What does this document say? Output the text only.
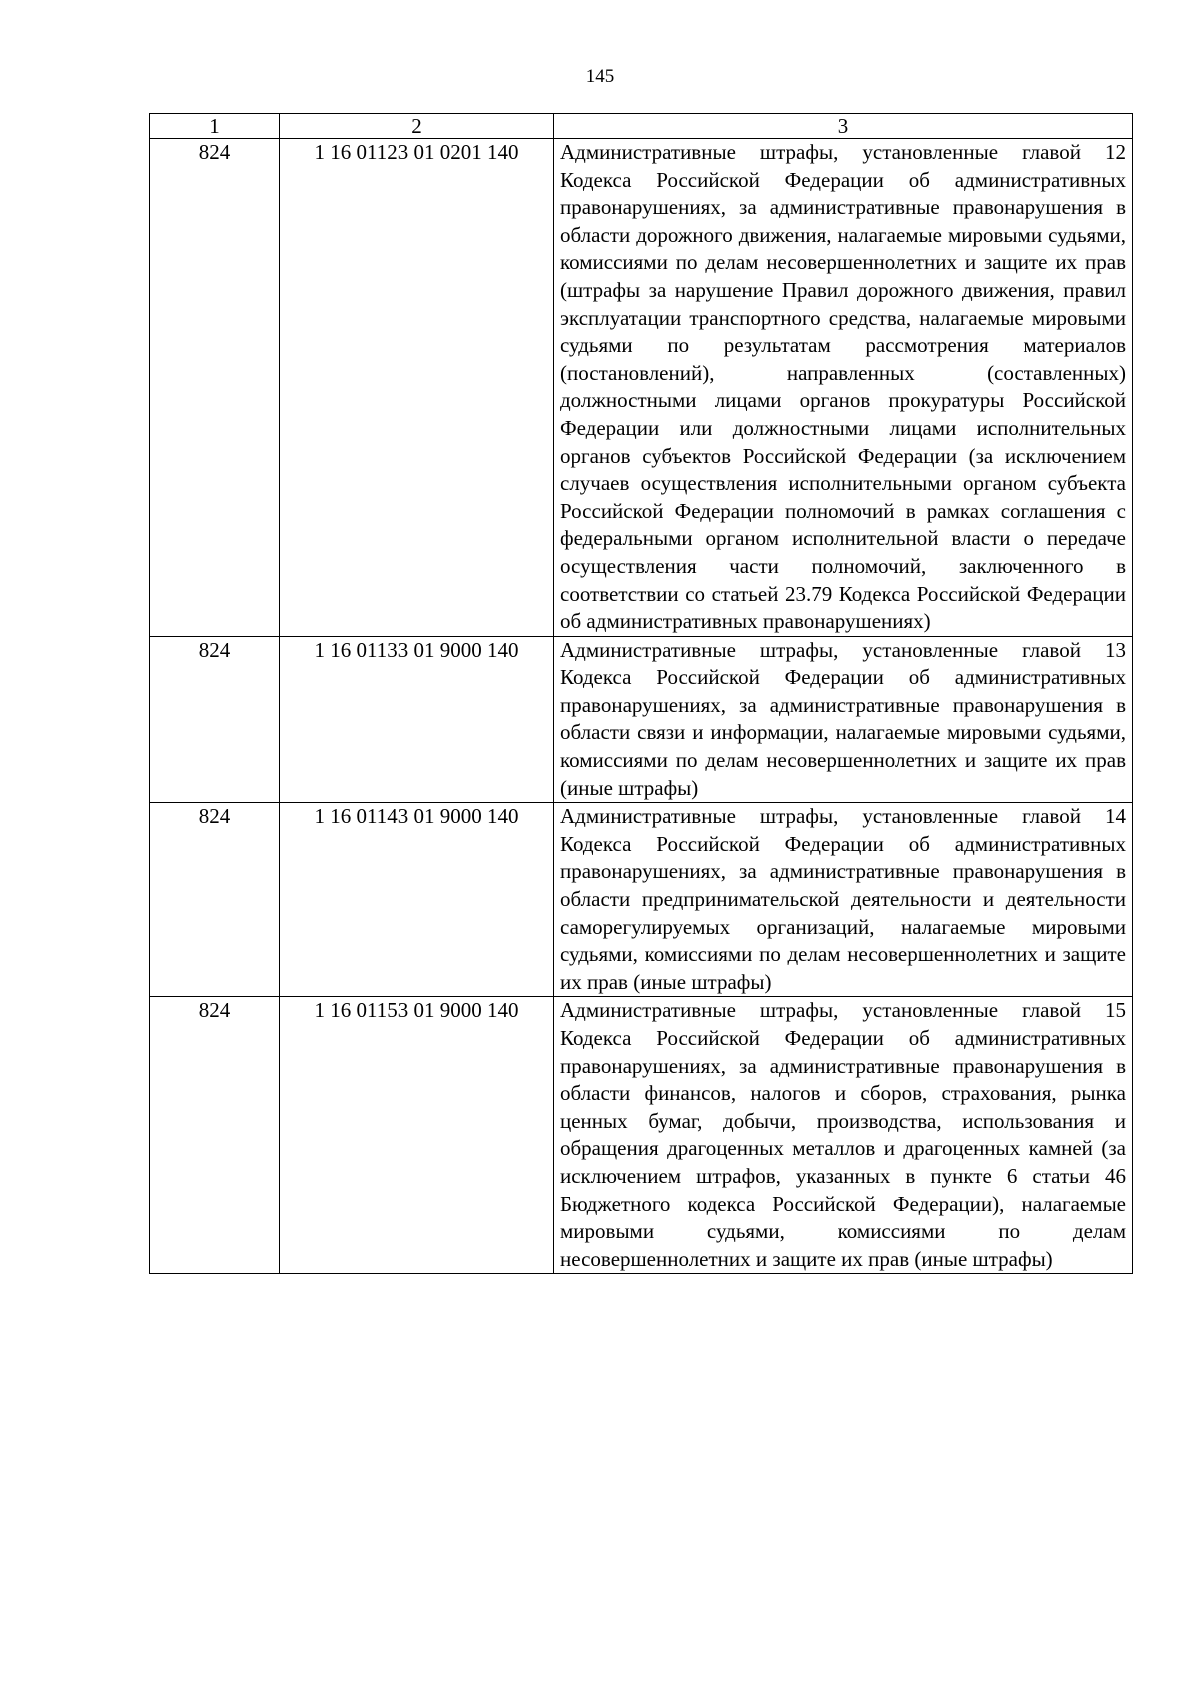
145
1	2	3
824	1 16 01123 01 0201 140	Административные штрафы, установленные главой 12 Кодекса Российской Федерации об административных правонарушениях, за административные правонарушения в области дорожного движения, налагаемые мировыми судьями, комиссиями по делам несовершеннолетних и защите их прав (штрафы за нарушение Правил дорожного движения, правил эксплуатации транспортного средства, налагаемые мировыми судьями по результатам рассмотрения материалов (постановлений), направленных (составленных) должностными лицами органов прокуратуры Российской Федерации или должностными лицами исполнительных органов субъектов Российской Федерации (за исключением случаев осуществления исполнительными органом субъекта Российской Федерации полномочий в рамках соглашения с федеральными органом исполнительной власти о передаче осуществления части полномочий, заключенного в соответствии со статьей 23.79 Кодекса Российской Федерации об административных правонарушениях)
824	1 16 01133 01 9000 140	Административные штрафы, установленные главой 13 Кодекса Российской Федерации об административных правонарушениях, за административные правонарушения в области связи и информации, налагаемые мировыми судьями, комиссиями по делам несовершеннолетних и защите их прав (иные штрафы)
824	1 16 01143 01 9000 140	Административные штрафы, установленные главой 14 Кодекса Российской Федерации об административных правонарушениях, за административные правонарушения в области предпринимательской деятельности и деятельности саморегулируемых организаций, налагаемые мировыми судьями, комиссиями по делам несовершеннолетних и защите их прав (иные штрафы)
824	1 16 01153 01 9000 140	Административные штрафы, установленные главой 15 Кодекса Российской Федерации об административных правонарушениях, за административные правонарушения в области финансов, налогов и сборов, страхования, рынка ценных бумаг, добычи, производства, использования и обращения драгоценных металлов и драгоценных камней (за исключением штрафов, указанных в пункте 6 статьи 46 Бюджетного кодекса Российской Федерации), налагаемые мировыми судьями, комиссиями по делам несовершеннолетних и защите их прав (иные штрафы)
